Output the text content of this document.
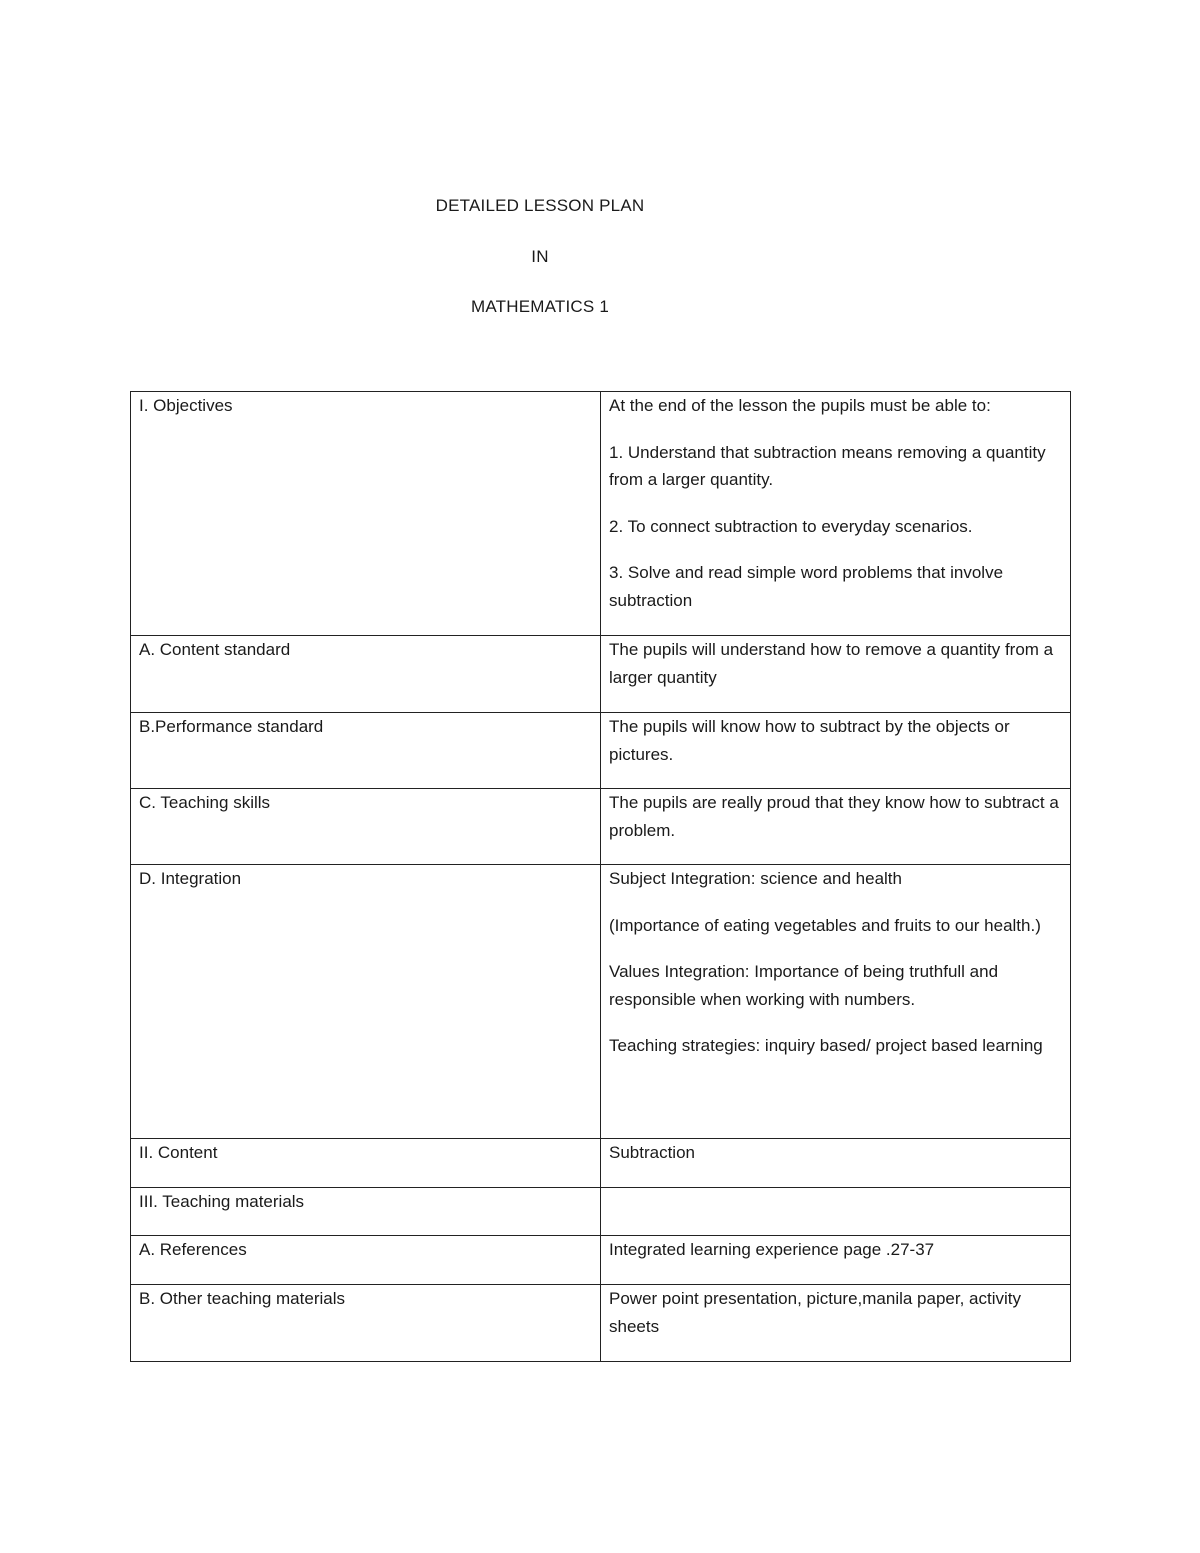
DETAILED LESSON PLAN
IN
MATHEMATICS 1

I. Objectives	At the end of the lesson the pupils must be able to:

1. Understand that subtraction means removing a quantity from a larger quantity.

2. To connect subtraction to everyday scenarios.

3. Solve and read simple word problems that involve subtraction

A. Content standard	The pupils will understand how to remove a quantity from a larger quantity

B.Performance standard	The pupils will know how to subtract by the objects or pictures.

C. Teaching skills	The pupils are really proud that they know how to subtract a problem.

D. Integration	Subject Integration: science and health

(Importance of eating vegetables and fruits to our health.)

Values Integration: Importance of being truthfull and responsible when working with numbers.

Teaching strategies: inquiry based/ project based learning

II. Content	Subtraction

III. Teaching materials	

A. References	Integrated learning experience page .27-37

B. Other teaching materials	Power point presentation, picture,manila paper, activity sheets
